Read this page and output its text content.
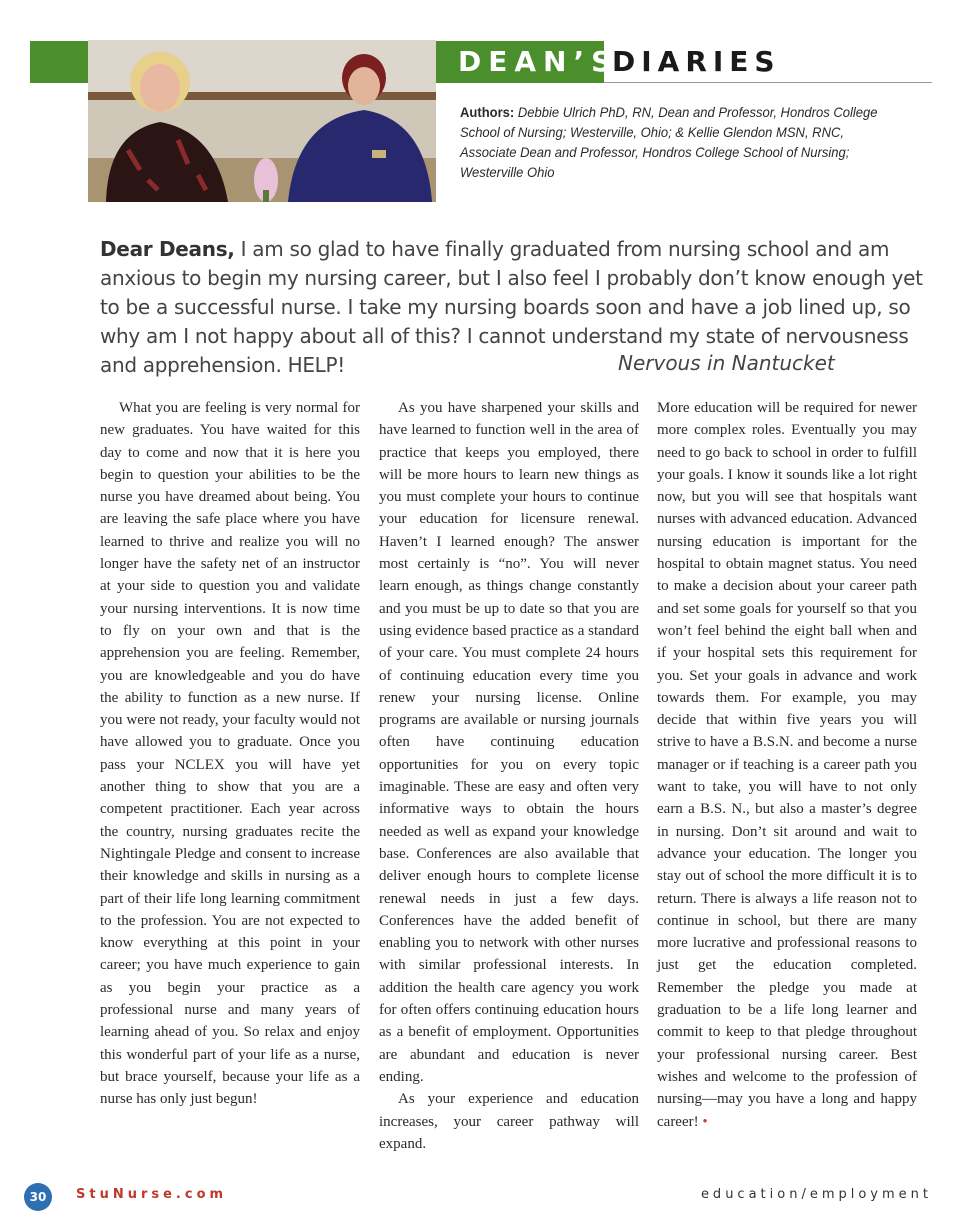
DEAN’S
DIARIES
Authors: Debbie Ulrich PhD, RN, Dean and Professor, Hondros College School of Nursing; Westerville, Ohio; & Kellie Glendon MSN, RNC, Associate Dean and Professor, Hondros College School of Nursing; Westerville Ohio
Dear Deans, I am so glad to have finally graduated from nursing school and am anxious to begin my nursing career, but I also feel I probably don’t know enough yet to be a successful nurse. I take my nursing boards soon and have a job lined up, so why am I not happy about all of this? I cannot understand my state of nervousness and apprehension. HELP!	Nervous in Nantucket

What you are feeling is very normal for new graduates. You have waited for this day to come and now that it is here you begin to question your abilities to be the nurse you have dreamed about being. You are leaving the safe place where you have learned to thrive and realize you will no longer have the safety net of an instructor at your side to question you and validate your nursing interventions. It is now time to fly on your own and that is the apprehension you are feeling. Remember, you are knowledgeable and you do have the ability to function as a new nurse. If you were not ready, your faculty would not have allowed you to graduate. Once you pass your NCLEX you will have yet another thing to show that you are a competent practitioner. Each year across the country, nursing graduates recite the Nightingale Pledge and consent to increase their knowledge and skills in nursing as a part of their life long learning commitment to the profession. You are not expected to know everything at this point in your career; you have much experience to gain as you begin your practice as a professional nurse and many years of learning ahead of you. So relax and enjoy this wonderful part of your life as a nurse, but brace yourself, because your life as a nurse has only just begun!

As you have sharpened your skills and have learned to function well in the area of practice that keeps you employed, there will be more hours to learn new things as you must complete your hours to continue your education for licensure renewal. Haven’t I learned enough? The answer most certainly is “no”. You will never learn enough, as things change constantly and you must be up to date so that you are using evidence based practice as a standard of your care. You must complete 24 hours of continuing education every time you renew your nursing license. Online programs are available or nursing journals often have continuing education opportunities for you on every topic imaginable. These are easy and often very informative ways to obtain the hours needed as well as expand your knowledge base. Conferences are also available that deliver enough hours to complete license renewal needs in just a few days. Conferences have the added benefit of enabling you to network with other nurses with similar professional interests. In addition the health care agency you work for often offers continuing education hours as a benefit of employment. Opportunities are abundant and education is never ending.

As your experience and education increases, your career pathway will expand.

More education will be required for newer more complex roles. Eventually you may need to go back to school in order to fulfill your goals. I know it sounds like a lot right now, but you will see that hospitals want nurses with advanced education. Advanced nursing education is important for the hospital to obtain magnet status. You need to make a decision about your career path and set some goals for yourself so that you won’t feel behind the eight ball when and if your hospital sets this requirement for you. Set your goals in advance and work towards them. For example, you may decide that within five years you will strive to have a B.S.N. and become a nurse manager or if teaching is a career path you want to take, you will have to not only earn a B.S. N., but also a master’s degree in nursing. Don’t sit around and wait to advance your education. The longer you stay out of school the more difficult it is to return. There is always a life reason not to continue in school, but there are many more lucrative and professional reasons to just get the education completed. Remember the pledge you made at graduation to be a life long learner and commit to keep to that pledge throughout your professional nursing career. Best wishes and welcome to the profession of nursing—may you have a long and happy career! •

30	StuNurse.com	education/employment
